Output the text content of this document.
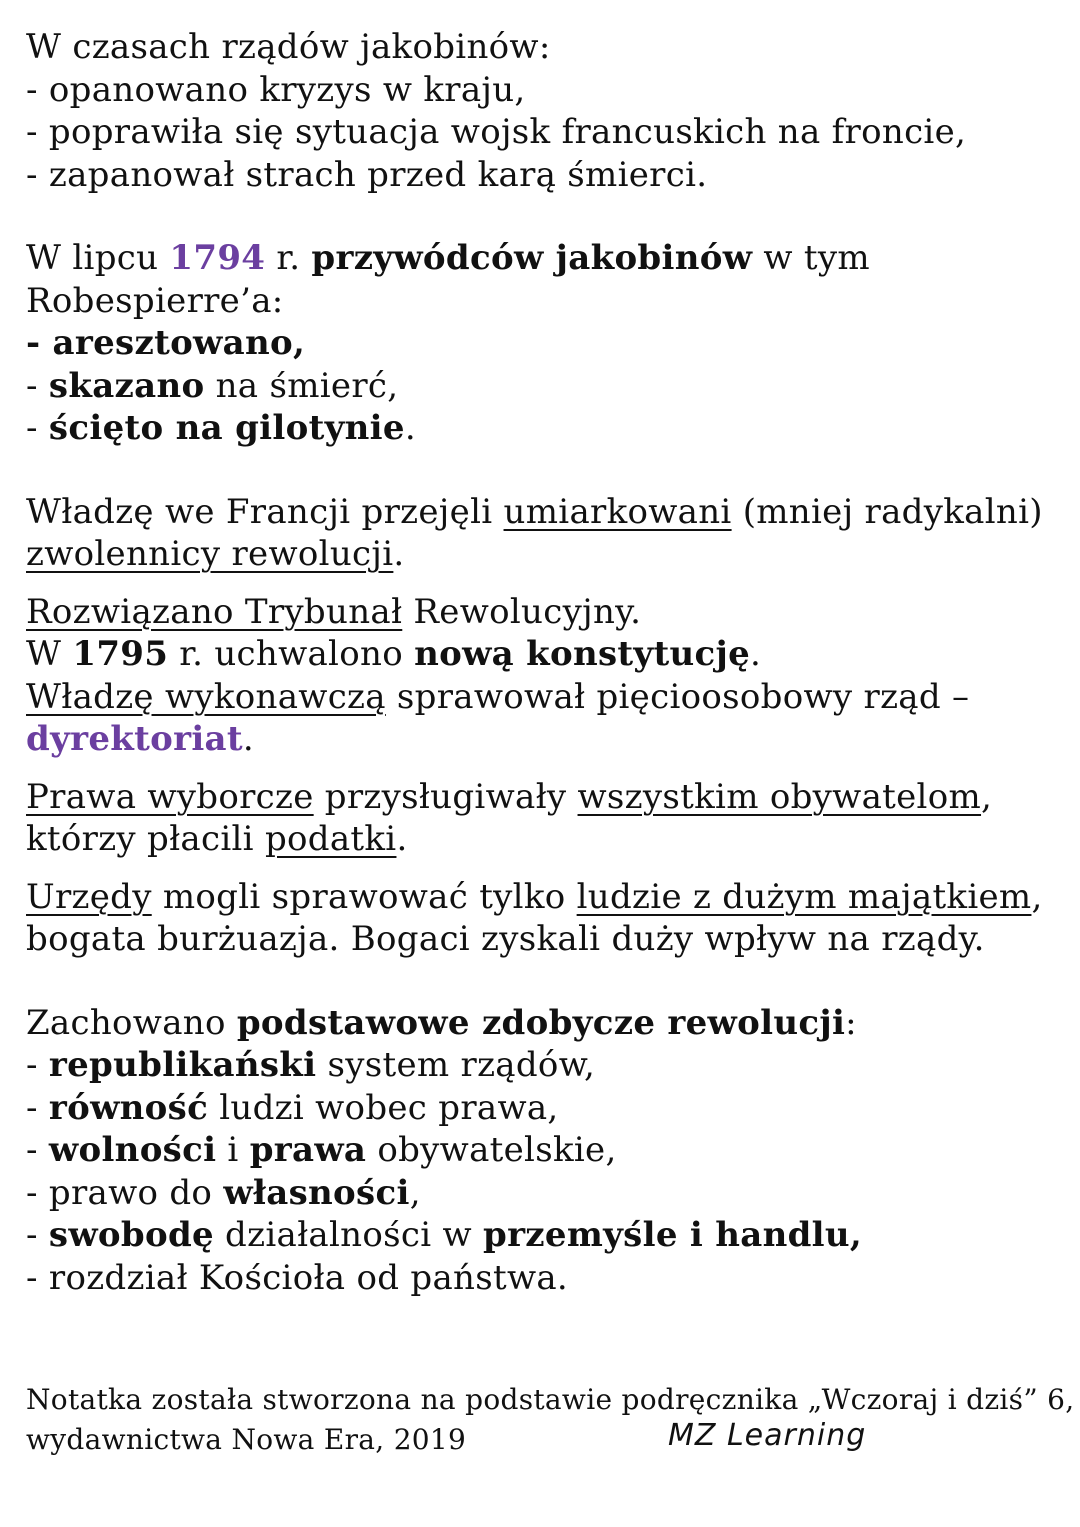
W czasach rządów jakobinów:
- opanowano kryzys w kraju,
- poprawiła się sytuacja wojsk francuskich na froncie,
- zapanował strach przed karą śmierci.
W lipcu 1794 r. przywódców jakobinów w tym
Robespierre’a:
- aresztowano,
- skazano na śmierć,
- ścięto na gilotynie.
Władzę we Francji przejęli umiarkowani (mniej radykalni)
zwolennicy rewolucji.
Rozwiązano Trybunał Rewolucyjny.
W 1795 r. uchwalono nową konstytucję.
Władzę wykonawczą sprawował pięcioosobowy rząd –
dyrektoriat.
Prawa wyborcze przysługiwały wszystkim obywatelom,
którzy płacili podatki.
Urzędy mogli sprawować tylko ludzie z dużym majątkiem,
bogata burżuazja. Bogaci zyskali duży wpływ na rządy.
Zachowano podstawowe zdobycze rewolucji:
- republikański system rządów,
- równość ludzi wobec prawa,
- wolności i prawa obywatelskie,
- prawo do własności,
- swobodę działalności w przemyśle i handlu,
- rozdział Kościoła od państwa.
Notatka została stworzona na podstawie podręcznika „Wczoraj i dziś” 6,
wydawnictwa Nowa Era, 2019	MZ Learning
